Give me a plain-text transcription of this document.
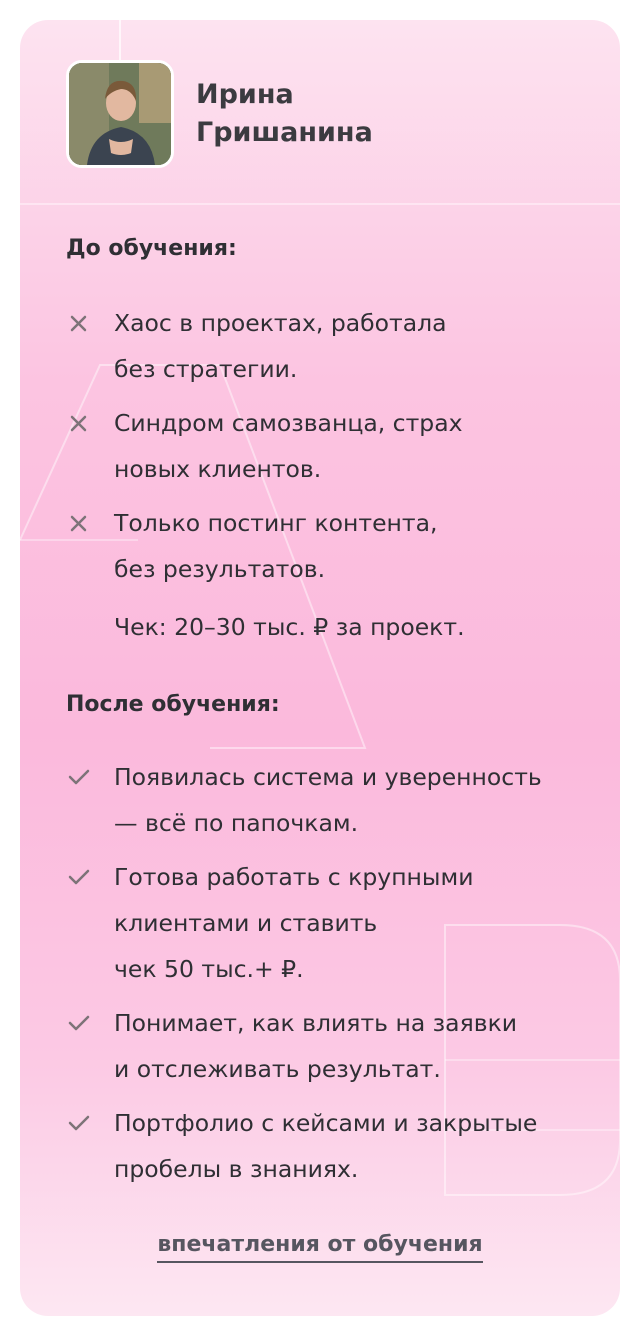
Ирина
Гришанина
До обучения:
Хаос в проектах, работала
без стратегии.
Синдром самозванца, страх
новых клиентов.
Только постинг контента,
без результатов.
Чек: 20–30 тыс. ₽ за проект.
После обучения:
Появилась система и уверенность
— всё по папочкам.
Готова работать с крупными
клиентами и ставить
чек 50 тыс.+ ₽.
Понимает, как влиять на заявки
и отслеживать результат.
Портфолио с кейсами и закрытые
пробелы в знаниях.
впечатления от обучения
